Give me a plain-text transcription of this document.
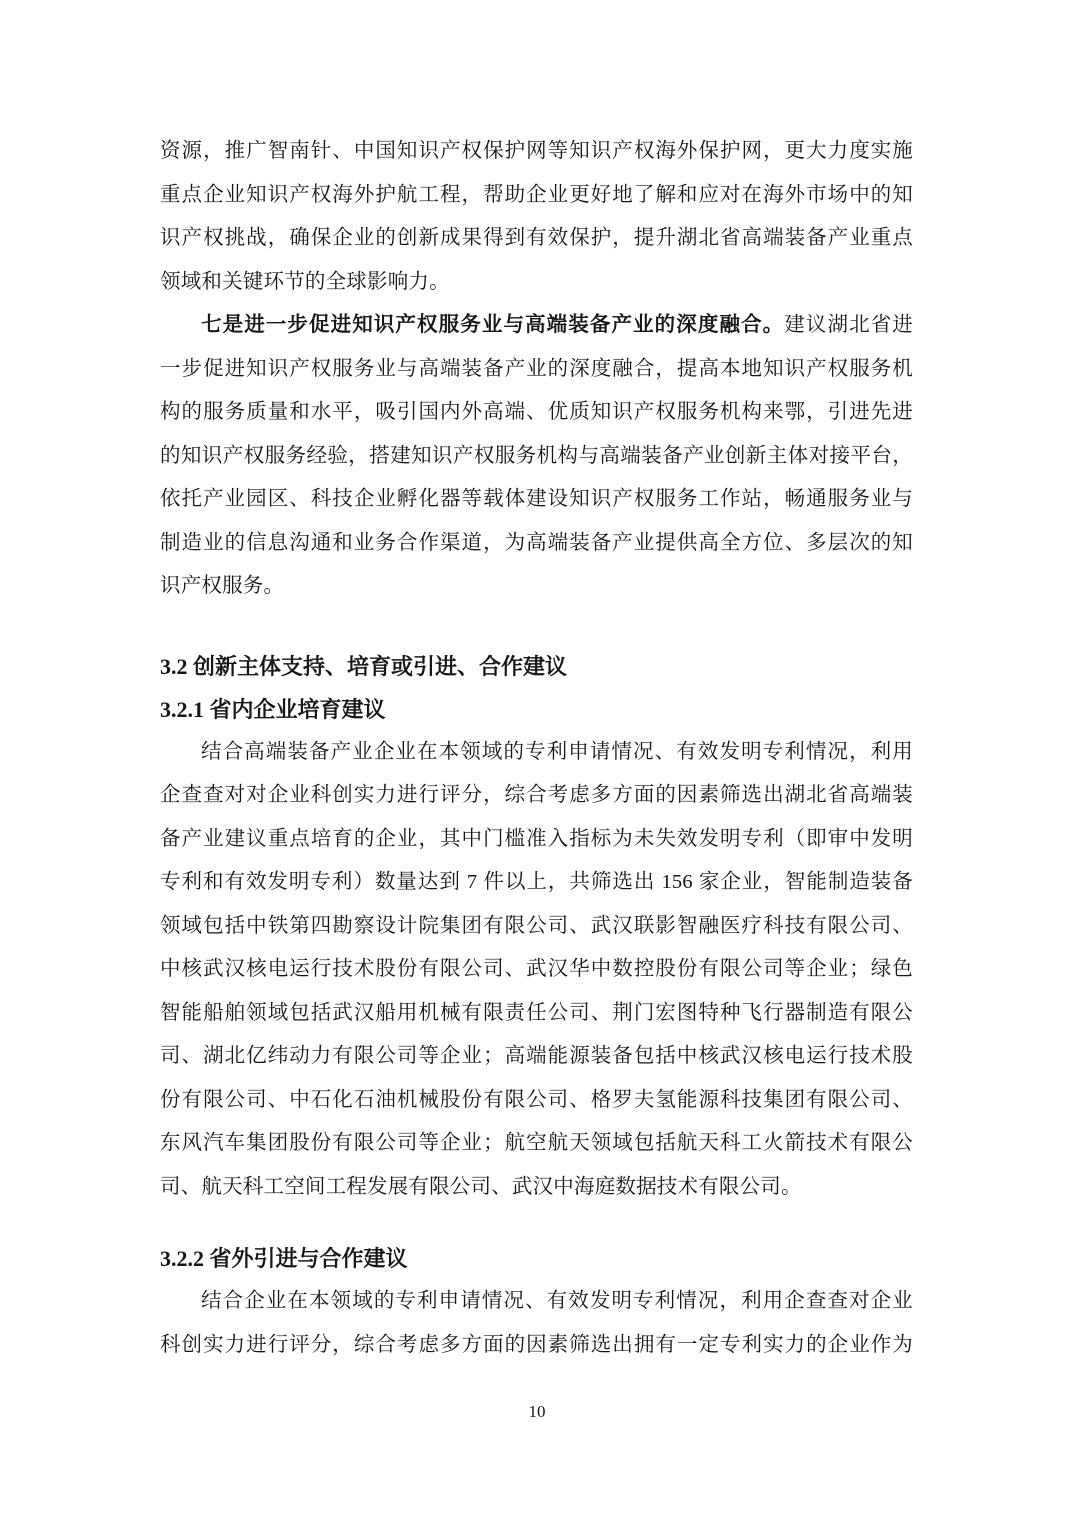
资源，推广智南针、中国知识产权保护网等知识产权海外保护网，更大力度实施
重点企业知识产权海外护航工程，帮助企业更好地了解和应对在海外市场中的知
识产权挑战，确保企业的创新成果得到有效保护，提升湖北省高端装备产业重点
领域和关键环节的全球影响力。
七是进一步促进知识产权服务业与高端装备产业的深度融合。建议湖北省进
一步促进知识产权服务业与高端装备产业的深度融合，提高本地知识产权服务机
构的服务质量和水平，吸引国内外高端、优质知识产权服务机构来鄂，引进先进
的知识产权服务经验，搭建知识产权服务机构与高端装备产业创新主体对接平台，
依托产业园区、科技企业孵化器等载体建设知识产权服务工作站，畅通服务业与
制造业的信息沟通和业务合作渠道，为高端装备产业提供高全方位、多层次的知
识产权服务。
3.2 创新主体支持、培育或引进、合作建议
3.2.1 省内企业培育建议
结合高端装备产业企业在本领域的专利申请情况、有效发明专利情况，利用
企查查对对企业科创实力进行评分，综合考虑多方面的因素筛选出湖北省高端装
备产业建议重点培育的企业，其中门槛准入指标为未失效发明专利（即审中发明
专利和有效发明专利）数量达到 7 件以上，共筛选出 156 家企业，智能制造装备
领域包括中铁第四勘察设计院集团有限公司、武汉联影智融医疗科技有限公司、
中核武汉核电运行技术股份有限公司、武汉华中数控股份有限公司等企业；绿色
智能船舶领域包括武汉船用机械有限责任公司、荆门宏图特种飞行器制造有限公
司、湖北亿纬动力有限公司等企业；高端能源装备包括中核武汉核电运行技术股
份有限公司、中石化石油机械股份有限公司、格罗夫氢能源科技集团有限公司、
东风汽车集团股份有限公司等企业；航空航天领域包括航天科工火箭技术有限公
司、航天科工空间工程发展有限公司、武汉中海庭数据技术有限公司。
3.2.2 省外引进与合作建议
结合企业在本领域的专利申请情况、有效发明专利情况，利用企查查对企业
科创实力进行评分，综合考虑多方面的因素筛选出拥有一定专利实力的企业作为
10
